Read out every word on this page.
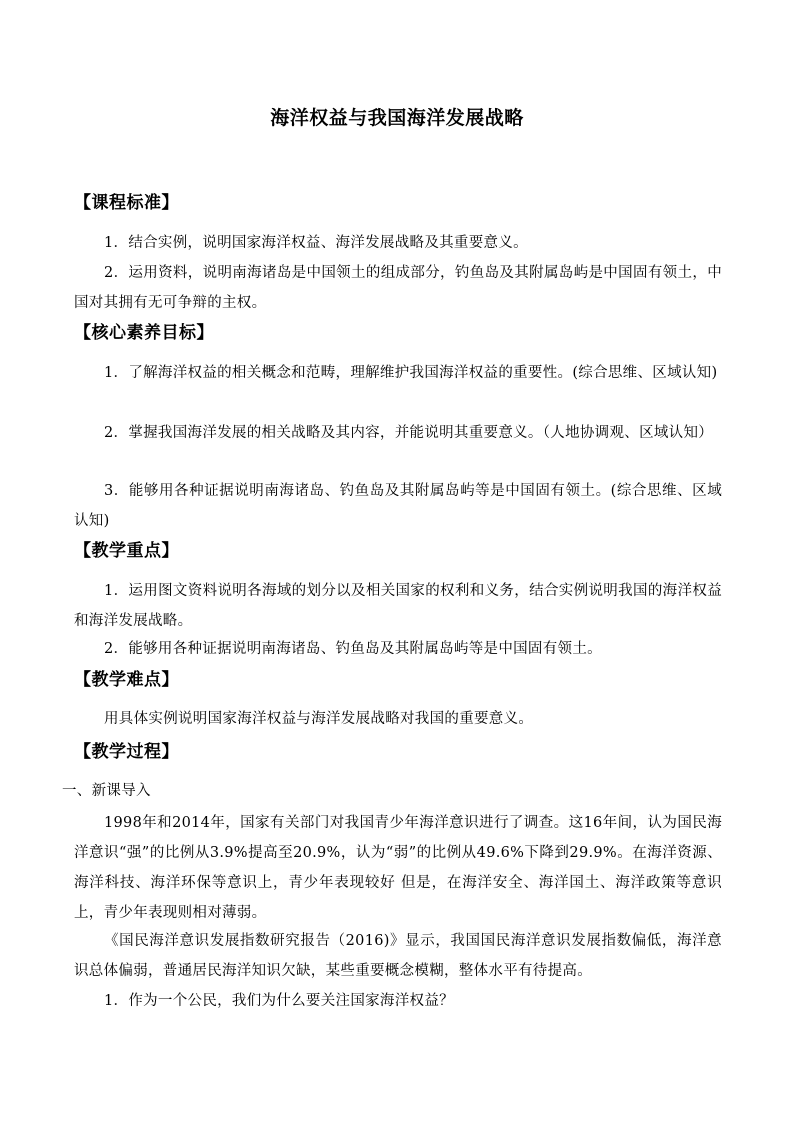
海洋权益与我国海洋发展战略
【课程标准】
1．结合实例，说明国家海洋权益、海洋发展战略及其重要意义。
2．运用资料，说明南海诸岛是中国领土的组成部分，钓鱼岛及其附属岛屿是中国固有领土，中国对其拥有无可争辩的主权。
【核心素养目标】
1．了解海洋权益的相关概念和范畴，理解维护我国海洋权益的重要性。(综合思维、区域认知)
2．掌握我国海洋发展的相关战略及其内容，并能说明其重要意义。（人地协调观、区域认知）
3．能够用各种证据说明南海诸岛、钓鱼岛及其附属岛屿等是中国固有领土。(综合思维、区域认知)
【教学重点】
1．运用图文资料说明各海域的划分以及相关国家的权利和义务，结合实例说明我国的海洋权益和海洋发展战略。
2．能够用各种证据说明南海诸岛、钓鱼岛及其附属岛屿等是中国固有领土。
【教学难点】
用具体实例说明国家海洋权益与海洋发展战略对我国的重要意义。
【教学过程】
一、新课导入
1998年和2014年，国家有关部门对我国青少年海洋意识进行了调查。这16年间，认为国民海洋意识“强”的比例从3.9%提高至20.9%，认为“弱”的比例从49.6%下降到29.9%。在海洋资源、海洋科技、海洋环保等意识上，青少年表现较好 但是，在海洋安全、海洋国土、海洋政策等意识上，青少年表现则相对薄弱。
《国民海洋意识发展指数研究报告（2016)》显示，我国国民海洋意识发展指数偏低，海洋意识总体偏弱，普通居民海洋知识欠缺，某些重要概念模糊，整体水平有待提高。
1．作为一个公民，我们为什么要关注国家海洋权益？
